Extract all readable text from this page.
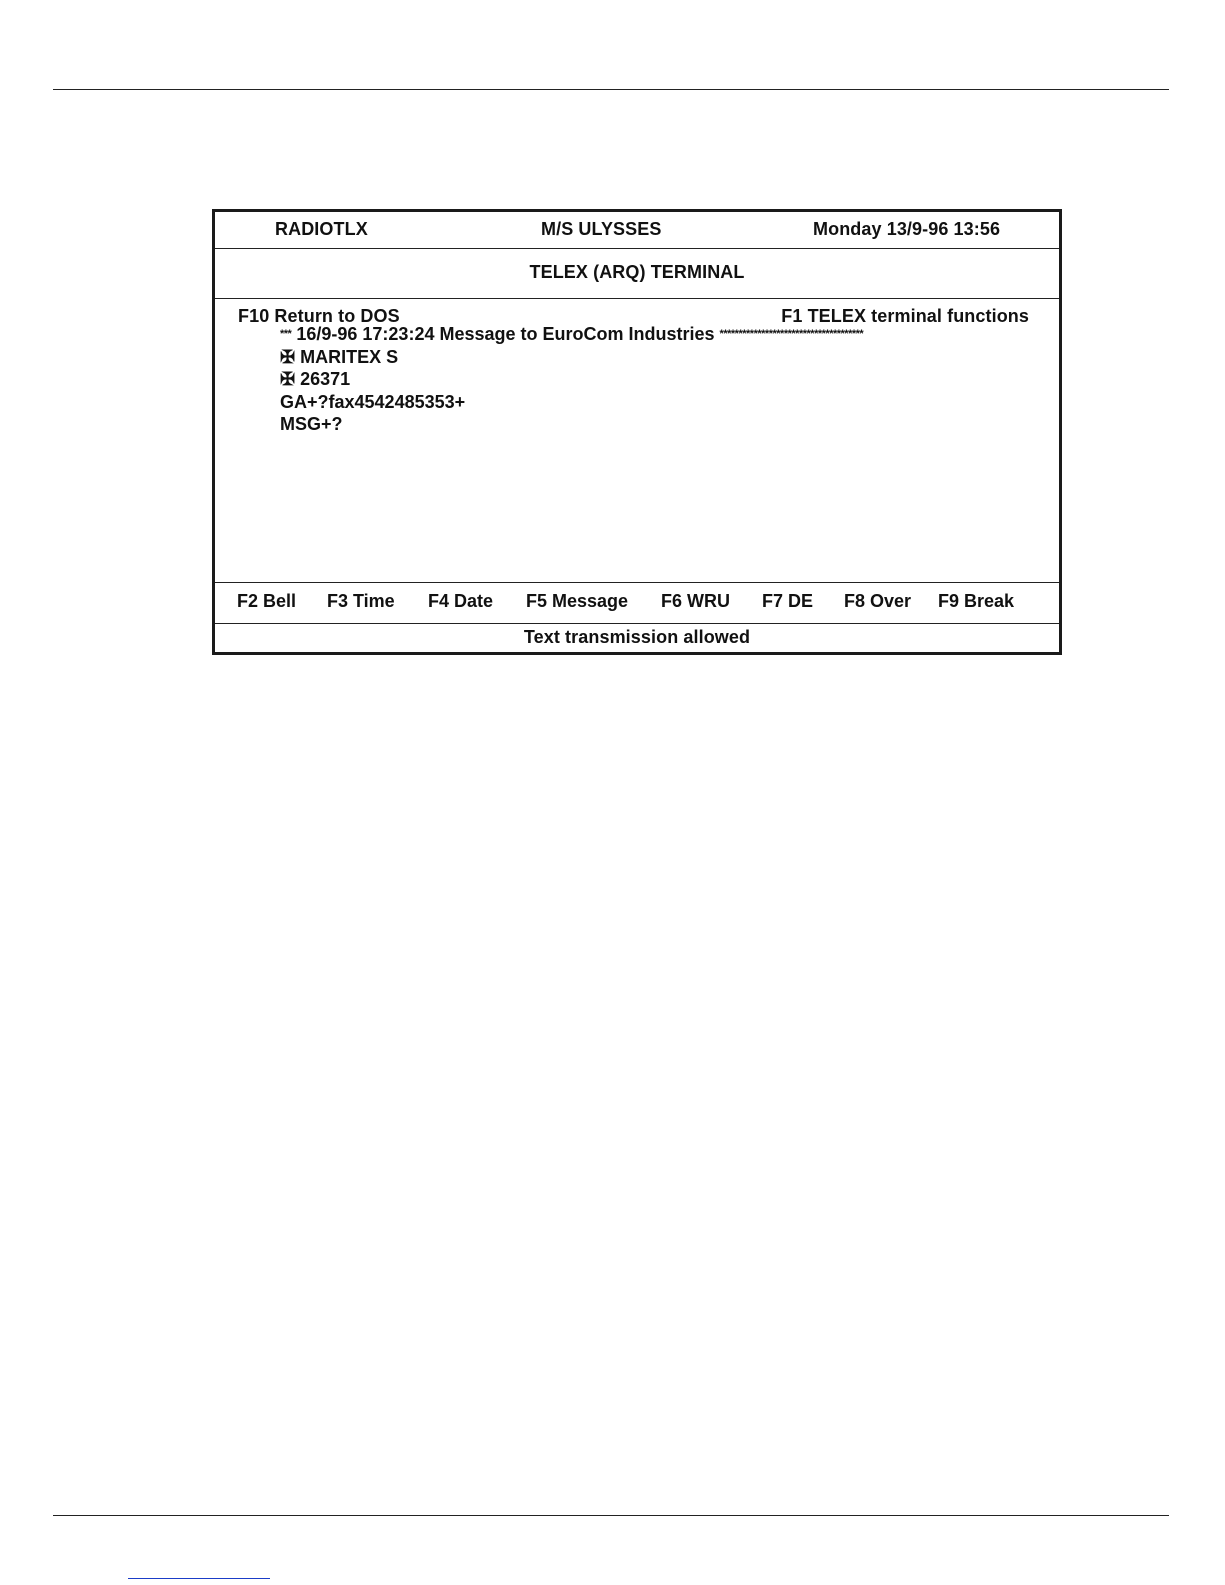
RADIOTLX	M/S ULYSSES	Monday 13/9-96 13:56
TELEX (ARQ) TERMINAL
F10 Return to DOS	F1 TELEX terminal functions
F2 Bell F3 Time F4 Date F5 Message F6 WRU F7 DE F8 Over F9 Break
Text transmission allowed
*** 16/9-96 17:23:24 Message to EuroCom Industries **************************************
✠ MARITEX S
✠ 26371
GA+?fax4542485353+
MSG+?
